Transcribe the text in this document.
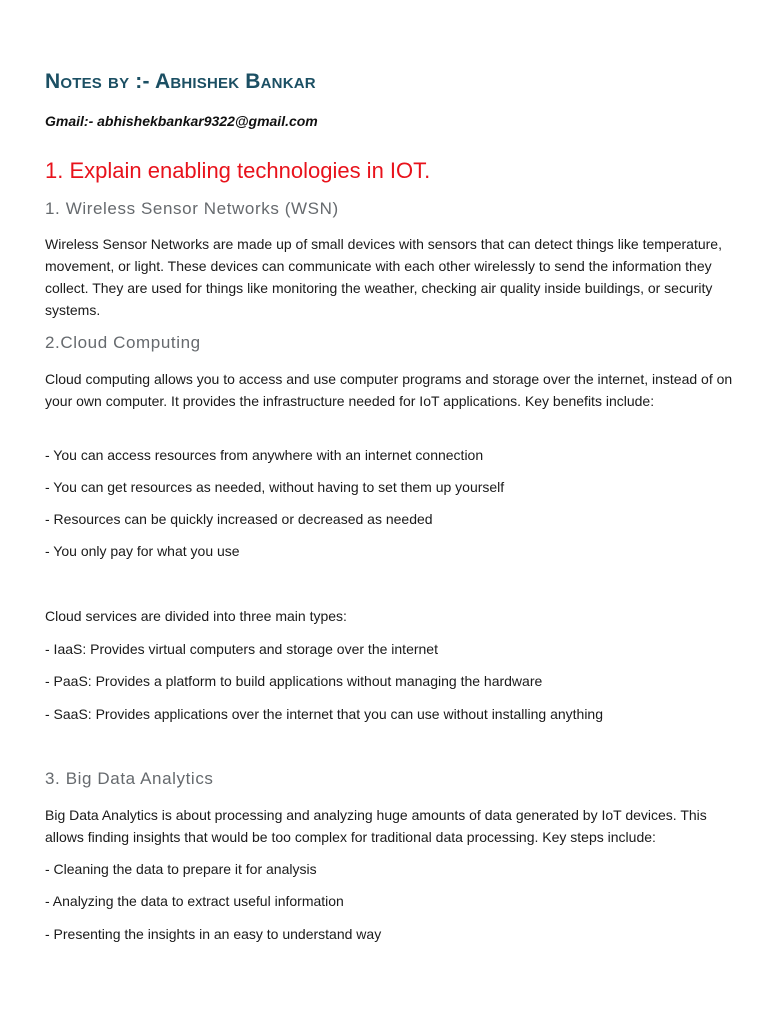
Notes by :- Abhishek Bankar
Gmail:- abhishekbankar9322@gmail.com
1. Explain enabling technologies in IOT.
1. Wireless Sensor Networks (WSN)

Wireless Sensor Networks are made up of small devices with sensors that can detect things like temperature, movement, or light. These devices can communicate with each other wirelessly to send the information they collect. They are used for things like monitoring the weather, checking air quality inside buildings, or security systems.

2.Cloud Computing

Cloud computing allows you to access and use computer programs and storage over the internet, instead of on your own computer. It provides the infrastructure needed for IoT applications. Key benefits include:

- You can access resources from anywhere with an internet connection
- You can get resources as needed, without having to set them up yourself
- Resources can be quickly increased or decreased as needed
- You only pay for what you use
Cloud services are divided into three main types:
- IaaS: Provides virtual computers and storage over the internet
- PaaS: Provides a platform to build applications without managing the hardware
- SaaS: Provides applications over the internet that you can use without installing anything
3. Big Data Analytics

Big Data Analytics is about processing and analyzing huge amounts of data generated by IoT devices. This allows finding insights that would be too complex for traditional data processing. Key steps include:

- Cleaning the data to prepare it for analysis
- Analyzing the data to extract useful information
- Presenting the insights in an easy to understand way
